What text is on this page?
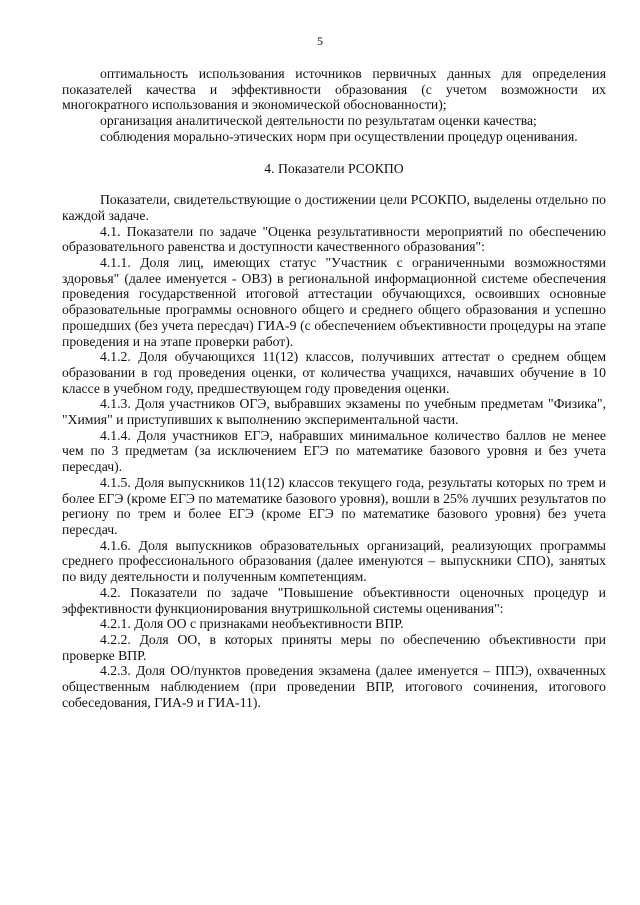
5

оптимальность использования источников первичных данных для определения показателей качества и эффективности образования (с учетом возможности их многократного использования и экономической обоснованности);

организация аналитической деятельности по результатам оценки качества;

соблюдения морально-этических норм при осуществлении процедур оценивания.

4. Показатели РСОКПО

Показатели, свидетельствующие о достижении цели РСОКПО, выделены отдельно по каждой задаче.

4.1. Показатели по задаче "Оценка результативности мероприятий по обеспечению образовательного равенства и доступности качественного образования":

4.1.1. Доля лиц, имеющих статус "Участник с ограниченными возможностями здоровья" (далее именуется - ОВЗ) в региональной информационной системе обеспечения проведения государственной итоговой аттестации обучающихся, освоивших основные образовательные программы основного общего и среднего общего образования и успешно прошедших (без учета пересдач) ГИА-9 (с обеспечением объективности процедуры на этапе проведения и на этапе проверки работ).

4.1.2. Доля обучающихся 11(12) классов, получивших аттестат о среднем общем образовании в год проведения оценки, от количества учащихся, начавших обучение в 10 классе в учебном году, предшествующем году проведения оценки.

4.1.3. Доля участников ОГЭ, выбравших экзамены по учебным предметам "Физика", "Химия" и приступивших к выполнению экспериментальной части.

4.1.4. Доля участников ЕГЭ, набравших минимальное количество баллов не менее чем по 3 предметам (за исключением ЕГЭ по математике базового уровня и без учета пересдач).

4.1.5. Доля выпускников 11(12) классов текущего года, результаты которых по трем и более ЕГЭ (кроме ЕГЭ по математике базового уровня), вошли в 25% лучших результатов по региону по трем и более ЕГЭ (кроме ЕГЭ по математике базового уровня) без учета пересдач.

4.1.6. Доля выпускников образовательных организаций, реализующих программы среднего профессионального образования (далее именуются – выпускники СПО), занятых по виду деятельности и полученным компетенциям.

4.2. Показатели по задаче "Повышение объективности оценочных процедур и эффективности функционирования внутришкольной системы оценивания":

4.2.1. Доля ОО с признаками необъективности ВПР.

4.2.2. Доля ОО, в которых приняты меры по обеспечению объективности при проверке ВПР.

4.2.3. Доля ОО/пунктов проведения экзамена (далее именуется – ППЭ), охваченных общественным наблюдением (при проведении ВПР, итогового сочинения, итогового собеседования, ГИА-9 и ГИА-11).
